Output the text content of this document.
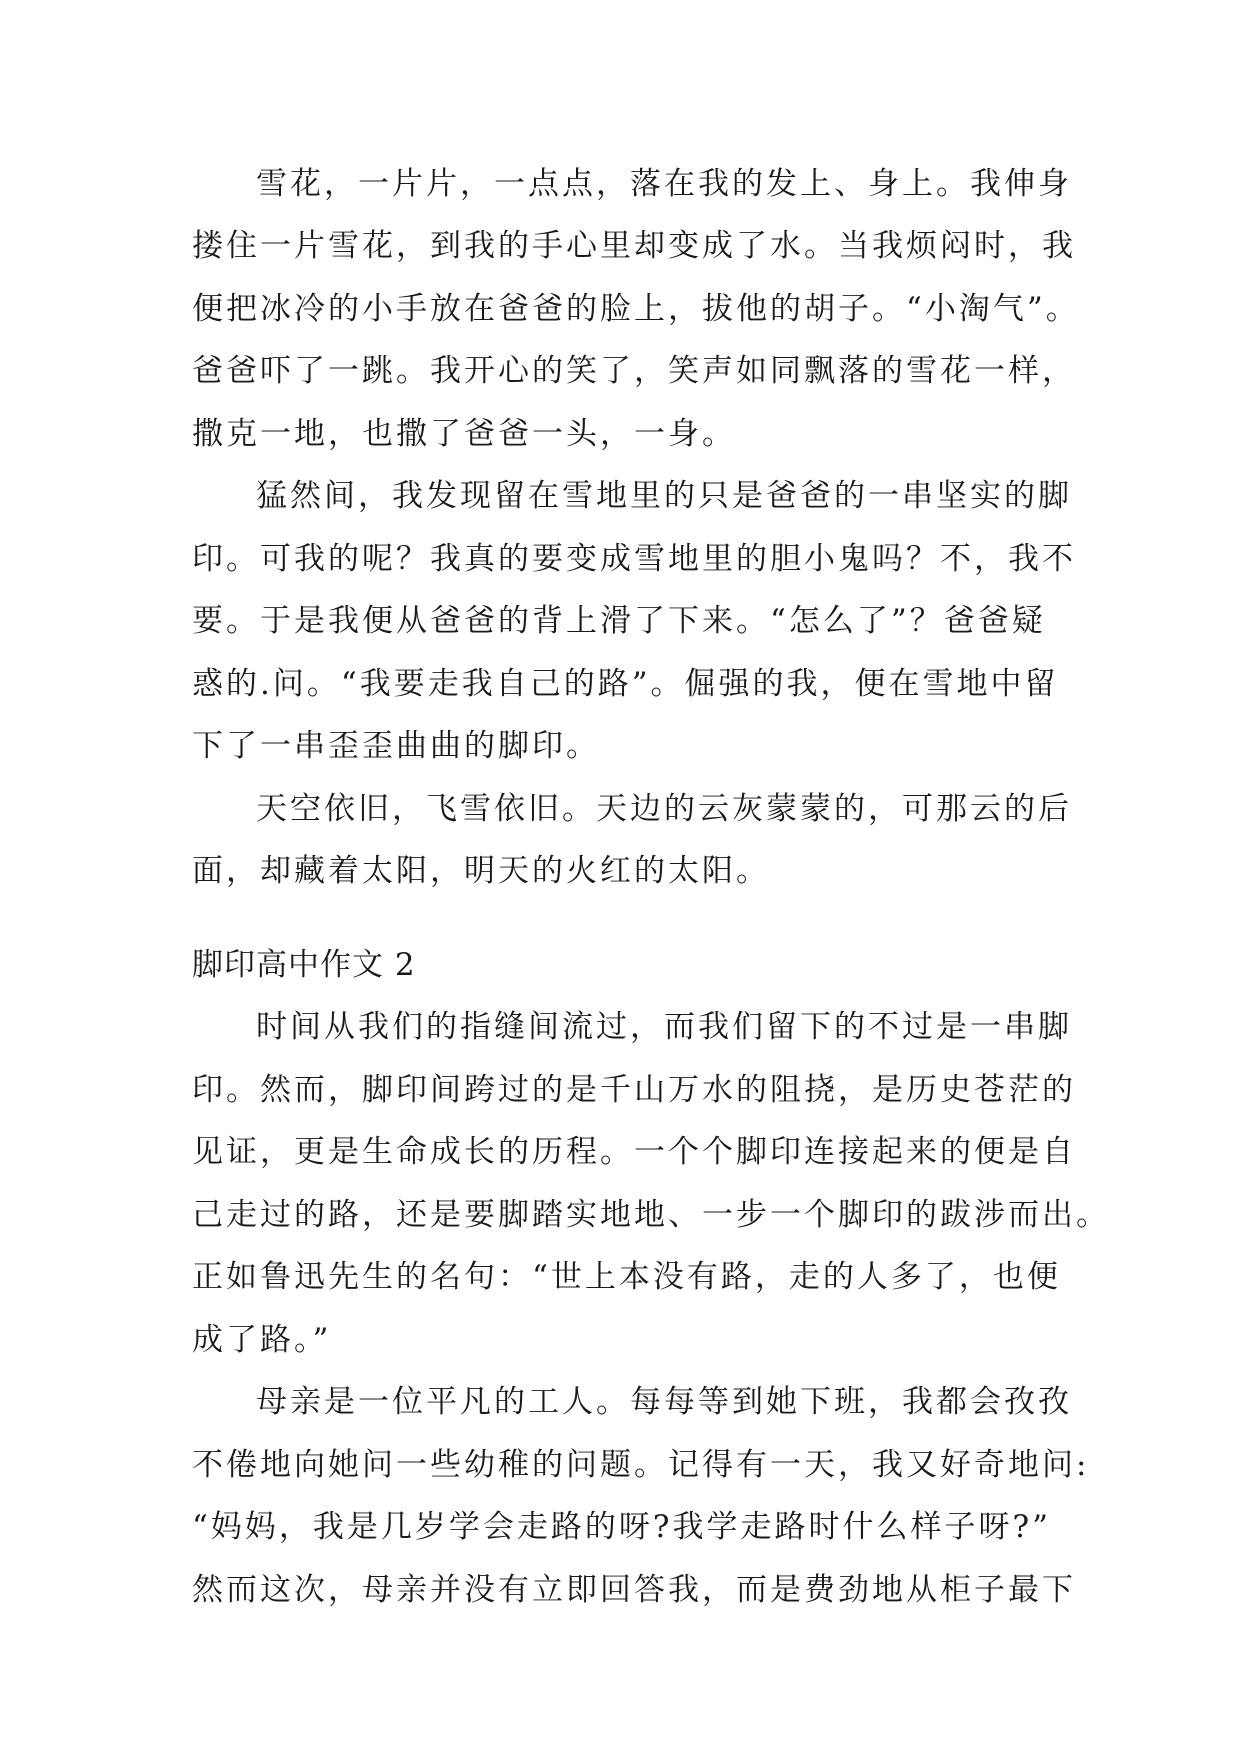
雪花，一片片，一点点，落在我的发上、身上。我伸身
搂住一片雪花，到我的手心里却变成了水。当我烦闷时，我
便把冰冷的小手放在爸爸的脸上，拔他的胡子。“小淘气”。
爸爸吓了一跳。我开心的笑了，笑声如同飘落的雪花一样，
撒克一地，也撒了爸爸一头，一身。
猛然间，我发现留在雪地里的只是爸爸的一串坚实的脚
印。可我的呢？我真的要变成雪地里的胆小鬼吗？不，我不
要。于是我便从爸爸的背上滑了下来。“怎么了”？爸爸疑
惑的.问。“我要走我自己的路”。倔强的我，便在雪地中留
下了一串歪歪曲曲的脚印。
天空依旧，飞雪依旧。天边的云灰蒙蒙的，可那云的后
面，却藏着太阳，明天的火红的太阳。
脚印高中作文 2
时间从我们的指缝间流过，而我们留下的不过是一串脚
印。然而，脚印间跨过的是千山万水的阻挠，是历史苍茫的
见证，更是生命成长的历程。一个个脚印连接起来的便是自
己走过的路，还是要脚踏实地地、一步一个脚印的跋涉而出。
正如鲁迅先生的名句：“世上本没有路，走的人多了，也便
成了路。”
母亲是一位平凡的工人。每每等到她下班，我都会孜孜
不倦地向她问一些幼稚的问题。记得有一天，我又好奇地问:
“妈妈，我是几岁学会走路的呀?我学走路时什么样子呀?”
然而这次，母亲并没有立即回答我，而是费劲地从柜子最下
